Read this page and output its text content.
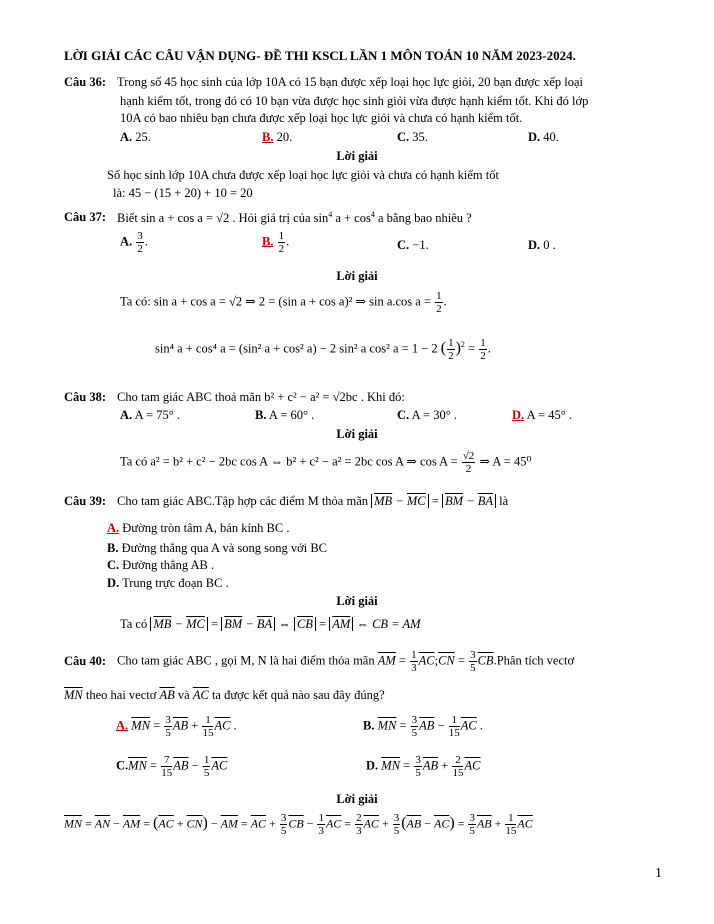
LỜI GIẢI CÁC CÂU VẬN DỤNG- ĐỀ THI KSCL LẦN 1 MÔN TOÁN 10 NĂM 2023-2024.
Câu 36: Trong số 45 học sinh của lớp 10A có 15 bạn được xếp loại học lực giỏi, 20 bạn được xếp loại
hạnh kiểm tốt, trong đó có 10 bạn vừa được học sinh giỏi vừa được hạnh kiểm tốt. Khi đó lớp
10A có bao nhiêu bạn chưa được xếp loại học lực giỏi và chưa có hạnh kiểm tốt.
A. 25.	B. 20.	C. 35.	D. 40.
Lời giải
Số học sinh lớp 10A chưa được xếp loại học lực giỏi và chưa có hạnh kiểm tốt
là: 45 − (15 + 20) + 10 = 20
Câu 37: Biết sin a + cos a = √2 . Hỏi giá trị của $\sin^4 a + \cos^4 a$ bằng bao nhiêu ?
A. $\frac{3}{2}$ .	B. $\frac{1}{2}$ .	C. −1.	D. 0 .
Lời giải
Ta có: sin a + cos a = √2 ⇒ 2 = (sin a + cos a)² ⇒ sin a.cos $a = \frac{1}{2}$ .
sin⁴ a + cos⁴ a = (sin² a + cos² a) − 2 sin² a cos² a = 1 − 2 ( $\frac{1}{2} )^2 = \frac{1}{2}$ .
Câu 38: Cho tam giác ABC thoả mãn b² + c² − a² = √2bc . Khi đó:
A. A = 75° .	B. A = 60° .	C. A = 30° .	D. A = 45° .
Lời giải
Ta có a² = b² + c² − 2bc cos A ⇔ b² + c² − a² = 2bc cos A ⇒ $\cos A = \frac{√2}{2}$ ⇒ A = 45⁰
Câu 39: Cho tam giác ABC.Tập hợp các điểm M thỏa mãn $\overline{MB} - \overline{MC} = \overline{BM} - \overline{BA}$ là
A. Đường tròn tâm A, bán kính BC .
B. Đường thẳng qua A và song song với BC
C. Đường thẳng AB .
D. Trung trực đoạn BC .
Lời giải
Ta có $\overline{MB} - \overline{MC} = \overline{BM} - \overline{BA}$ ⇔ $\overline{CB} = \overline{AM}$ ⇔ CB = AM
Câu 40: Cho tam giác ABC , gọi M, N là hai điểm thỏa mãn $\overline{AM} = \frac{1}{3}$ $\overline{AC};\overline{CN} = \frac{3}{5}$ $\overline{CB}.Phân$ tích vectơ
$\overline{MN}$ theo hai vectơ $\overline{AB}$ và $\overline{AC}$ ta được kết quả nào sau đây đúng?
A. $\overline{MN} = \frac{3}{5} \overline{AB} + \frac{1}{15} \overline{AC}$ .	B. $\overline{MN} = \frac{3}{5} \overline{AB} - \frac{1}{15} \overline{AC}$ .
$C.\overline{MN} = \frac{7}{15} \overline{AB} - \frac{1}{5} \overline{AC}$	D. $\overline{MN} = \frac{3}{5} \overline{AB} + \frac{2}{15} \overline{AC}$
Lời giải
$\overline{MN} = \overline{AN} - \overline{AM} = (\overline{AC} + \overline{CN}) - \overline{AM} = \overline{AC} + \frac{3}{5} \overline{CB} - \frac{1}{3} \overline{AC} = \frac{2}{3} \overline{AC} + \frac{3}{5} (\overline{AB} - \overline{AC}) = \frac{3}{5} \overline{AB} + \frac{1}{15} \overline{AC}$
1
